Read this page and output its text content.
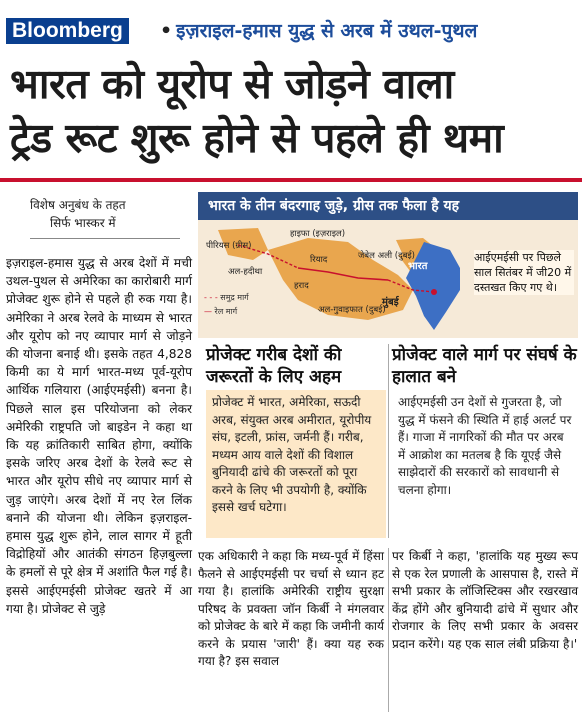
Bloomberg	• इज़राइल-हमास युद्ध से अरब में उथल-पुथल
भारत को यूरोप से जोड़ने वाला
ट्रेड रूट शुरू होने से पहले ही थमा
विशेष अनुबंध के तहत
सिर्फ भास्कर में

इज़राइल-हमास युद्ध से अरब देशों में मची उथल-पुथल से अमेरिका का कारोबारी मार्ग प्रोजेक्ट शुरू होने से पहले ही रुक गया है। अमेरिका ने अरब रेलवे के माध्यम से भारत और यूरोप को नए व्यापार मार्ग से जोड़ने की योजना बनाई थी। इसके तहत 4,828 किमी का ये मार्ग भारत-मध्य पूर्व-यूरोप आर्थिक गलियारा (आईएमईसी) बनना है। पिछले साल इस परियोजना को लेकर अमेरिकी राष्ट्रपति जो बाइडेन ने कहा था कि यह क्रांतिकारी साबित होगा, क्योंकि इसके जरिए अरब देशों के रेलवे रूट से भारत और यूरोप सीधे नए व्यापार मार्ग से जुड़ जाएंगे। अरब देशों में नए रेल लिंक बनाने की योजना थी। लेकिन इज़राइल-हमास युद्ध शुरू होने, लाल सागर में हूती विद्रोहियों और आतंकी संगठन हिज़बुल्ला के हमलों से पूरे क्षेत्र में अशांति फैल गई है। इससे आईएमईसी प्रोजेक्ट खतरे में आ गया है। प्रोजेक्ट से जुड़े

भारत के तीन बंदरगाह जुड़े, ग्रीस तक फैला है यह
पीरियस (ग्रीस)
हाइफा (इज़राइल)
अल-हदीथा
रियाद	जेबेल अली (दुबई)
हराद
अल-गुवाइफात (दुबई)
भारत
मुंबई
- - - समुद्र मार्ग
— रेल मार्ग
आईएमईसी पर पिछले साल सितंबर में जी20 में दस्तखत किए गए थे।
प्रोजेक्ट गरीब देशों की जरूरतों के लिए अहम
प्रोजेक्ट में भारत, अमेरिका, सऊदी अरब, संयुक्त अरब अमीरात, यूरोपीय संघ, इटली, फ्रांस, जर्मनी हैं। गरीब, मध्यम आय वाले देशों की विशाल बुनियादी ढांचे की जरूरतों को पूरा करने के लिए भी उपयोगी है, क्योंकि इससे खर्च घटेगा।
प्रोजेक्ट वाले मार्ग पर संघर्ष के हालात बने
आईएमईसी उन देशों से गुजरता है, जो युद्ध में फंसने की स्थिति में हाई अलर्ट पर हैं। गाजा में नागरिकों की मौत पर अरब में आक्रोश का मतलब है कि यूएई जैसे साझेदारों की सरकारों को सावधानी से चलना होगा।

एक अधिकारी ने कहा कि मध्य-पूर्व में हिंसा फैलने से आईएमईसी पर चर्चा से ध्यान हट गया है। हालांकि अमेरिकी राष्ट्रीय सुरक्षा परिषद के प्रवक्ता जॉन किर्बी ने मंगलवार को प्रोजेक्ट के बारे में कहा कि जमीनी कार्य करने के प्रयास 'जारी' हैं। क्या यह रुक गया है? इस सवाल

पर किर्बी ने कहा, 'हालांकि यह मुख्य रूप से एक रेल प्रणाली के आसपास है, रास्ते में सभी प्रकार के लॉजिस्टिक्स और रखरखाव केंद्र होंगे और बुनियादी ढांचे में सुधार और रोजगार के लिए सभी प्रकार के अवसर प्रदान करेंगे। यह एक साल लंबी प्रक्रिया है।'
